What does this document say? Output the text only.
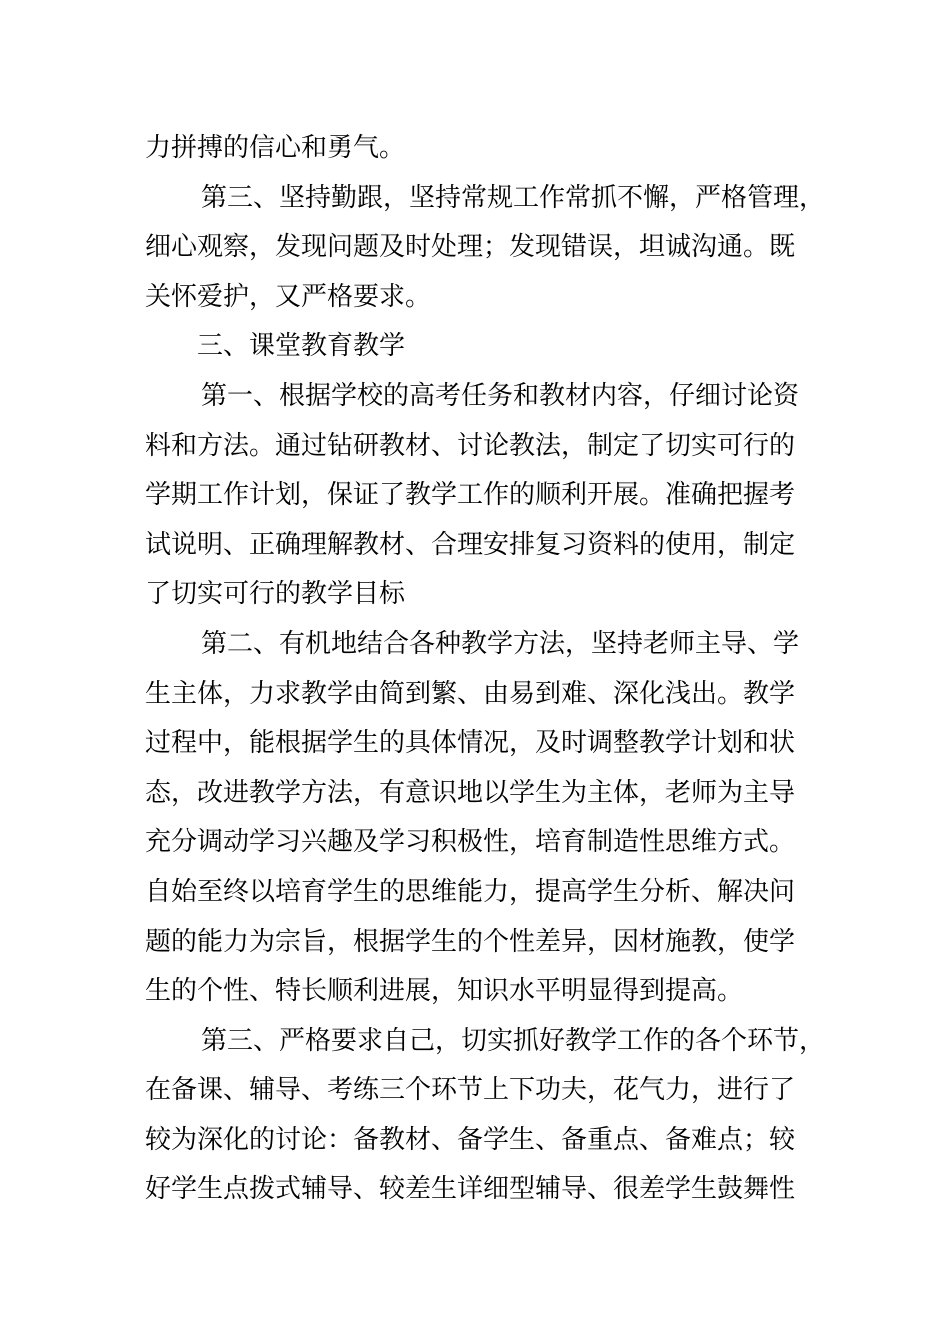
力拼搏的信心和勇气。
第三、坚持勤跟，坚持常规工作常抓不懈，严格管理，
细心观察，发现问题及时处理；发现错误，坦诚沟通。既
关怀爱护，又严格要求。
三、课堂教育教学
第一、根据学校的高考任务和教材内容，仔细讨论资
料和方法。通过钻研教材、讨论教法，制定了切实可行的
学期工作计划，保证了教学工作的顺利开展。准确把握考
试说明、正确理解教材、合理安排复习资料的使用，制定
了切实可行的教学目标
第二、有机地结合各种教学方法，坚持老师主导、学
生主体，力求教学由简到繁、由易到难、深化浅出。教学
过程中，能根据学生的具体情况，及时调整教学计划和状
态，改进教学方法，有意识地以学生为主体，老师为主导
充分调动学习兴趣及学习积极性，培育制造性思维方式。
自始至终以培育学生的思维能力，提高学生分析、解决问
题的能力为宗旨，根据学生的个性差异，因材施教，使学
生的个性、特长顺利进展，知识水平明显得到提高。
第三、严格要求自己，切实抓好教学工作的各个环节，
在备课、辅导、考练三个环节上下功夫，花气力，进行了
较为深化的讨论：备教材、备学生、备重点、备难点；较
好学生点拨式辅导、较差生详细型辅导、很差学生鼓舞性
